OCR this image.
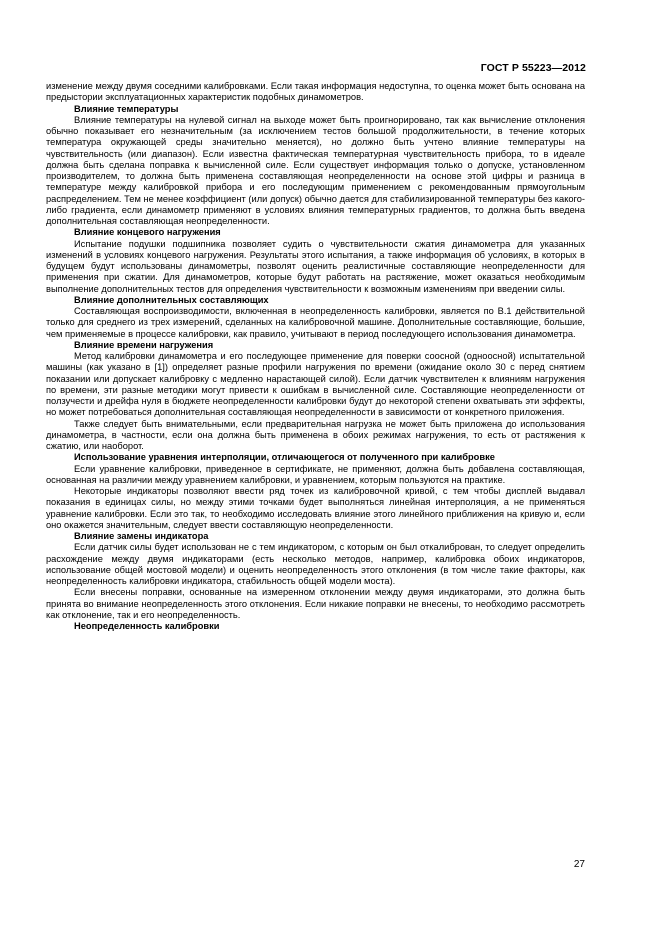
ГОСТ Р 55223—2012

изменение между двумя соседними калибровками. Если такая информация недоступна, то оценка может быть основана на предыстории эксплуатационных характеристик подобных динамометров.

Влияние температуры

Влияние температуры на нулевой сигнал на выходе может быть проигнорировано, так как вычисление отклонения обычно показывает его незначительным (за исключением тестов большой продолжительности, в течение которых температура окружающей среды значительно меняется), но должно быть учтено влияние температуры на чувствительность (или диапазон). Если известна фактическая температурная чувствительность прибора, то в идеале должна быть сделана поправка к вычисленной силе. Если существует информация только о допуске, установленном производителем, то должна быть применена составляющая неопределенности на основе этой цифры и разница в температуре между калибровкой прибора и его последующим применением с рекомендованным прямоугольным распределением. Тем не менее коэффициент (или допуск) обычно дается для стабилизированной температуры без какого-либо градиента, если динамометр применяют в условиях влияния температурных градиентов, то должна быть введена дополнительная составляющая неопределенности.

Влияние концевого нагружения

Испытание подушки подшипника позволяет судить о чувствительности сжатия динамометра для указанных изменений в условиях концевого нагружения. Результаты этого испытания, а также информация об условиях, в которых в будущем будут использованы динамометры, позволят оценить реалистичные составляющие неопределенности для применения при сжатии. Для динамометров, которые будут работать на растяжение, может оказаться необходимым выполнение дополнительных тестов для определения чувствительности к возможным изменениям при введении силы.

Влияние дополнительных составляющих

Составляющая воспроизводимости, включенная в неопределенность калибровки, является по В.1 действительной только для среднего из трех измерений, сделанных на калибровочной машине. Дополнительные составляющие, большие, чем применяемые в процессе калибровки, как правило, учитывают в период последующего использования динамометра.

Влияние времени нагружения

Метод калибровки динамометра и его последующее применение для поверки соосной (одноосной) испытательной машины (как указано в [1]) определяет разные профили нагружения по времени (ожидание около 30 с перед снятием показании или допускает калибровку с медленно нарастающей силой). Если датчик чувствителен к влияниям нагружения по времени, эти разные методики могут привести к ошибкам в вычисленной силе. Составляющие неопределенности от ползучести и дрейфа нуля в бюджете неопределенности калибровки будут до некоторой степени охватывать эти эффекты, но может потребоваться дополнительная составляющая неопределенности в зависимости от конкретного приложения.

Также следует быть внимательными, если предварительная нагрузка не может быть приложена до использования динамометра, в частности, если она должна быть применена в обоих режимах нагружения, то есть от растяжения к сжатию, или наоборот.

Использование уравнения интерполяции, отличающегося от полученного при калибровке

Если уравнение калибровки, приведенное в сертификате, не применяют, должна быть добавлена составляющая, основанная на различии между уравнением калибровки, и уравнением, которым пользуются на практике.

Некоторые индикаторы позволяют ввести ряд точек из калибровочной кривой, с тем чтобы дисплей выдавал показания в единицах силы, но между этими точками будет выполняться линейная интерполяция, а не применяться уравнение калибровки. Если это так, то необходимо исследовать влияние этого линейного приближения на кривую и, если оно окажется значительным, следует ввести составляющую неопределенности.

Влияние замены индикатора

Если датчик силы будет использован не с тем индикатором, с которым он был откалиброван, то следует определить расхождение между двумя индикаторами (есть несколько методов, например, калибровка обоих индикаторов, использование общей мостовой модели) и оценить неопределенность этого отклонения (в том числе такие факторы, как неопределенность калибровки индикатора, стабильность общей модели моста).

Если внесены поправки, основанные на измеренном отклонении между двумя индикаторами, это должна быть принята во внимание неопределенность этого отклонения. Если никакие поправки не внесены, то необходимо рассмотреть как отклонение, так и его неопределенность.

Неопределенность калибровки
27
